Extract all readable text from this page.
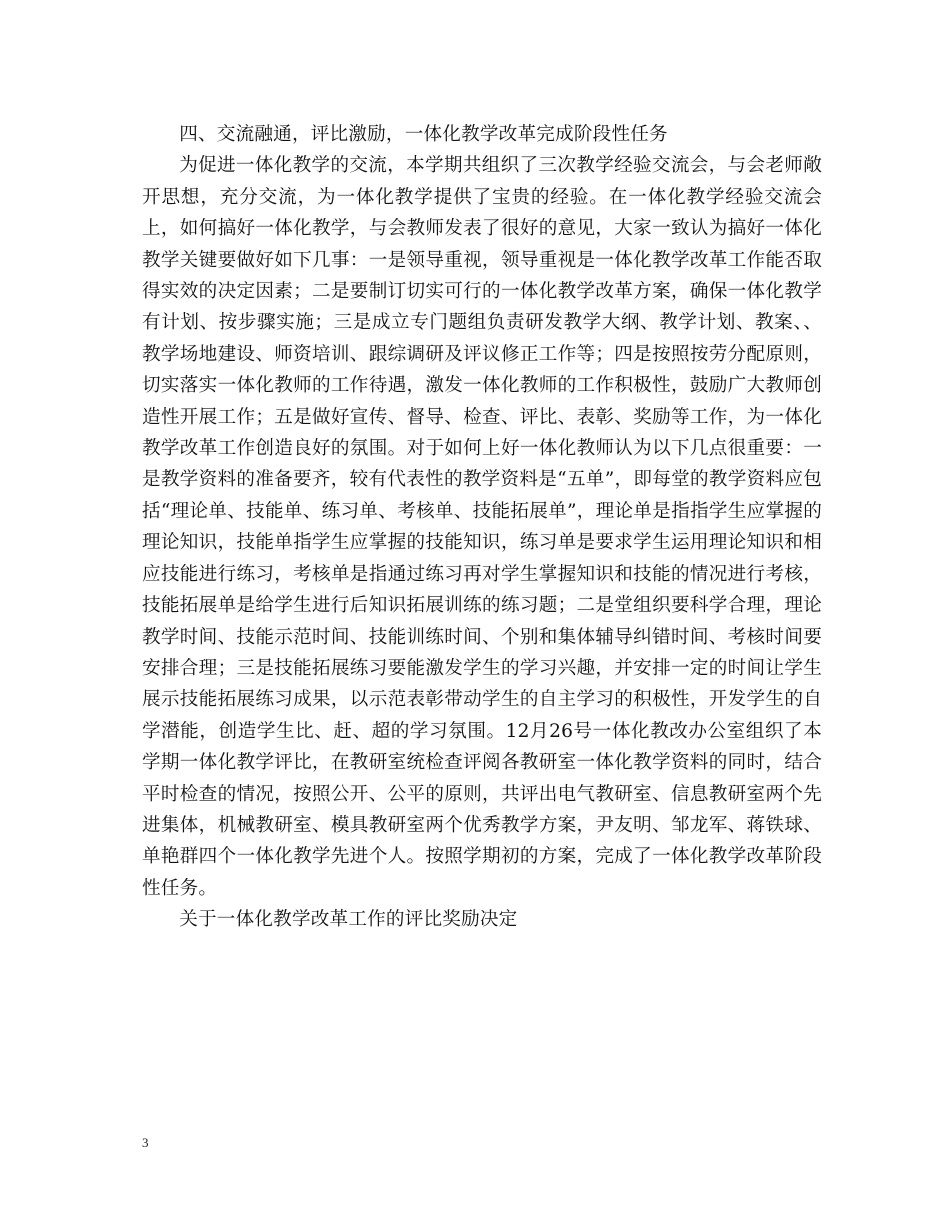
四、交流融通，评比激励，一体化教学改革完成阶段性任务

为促进一体化教学的交流，本学期共组织了三次教学经验交流会，与会老师敞开思想，充分交流，为一体化教学提供了宝贵的经验。在一体化教学经验交流会上，如何搞好一体化教学，与会教师发表了很好的意见，大家一致认为搞好一体化教学关键要做好如下几事：一是领导重视，领导重视是一体化教学改革工作能否取得实效的决定因素；二是要制订切实可行的一体化教学改革方案，确保一体化教学有计划、按步骤实施；三是成立专门题组负责研发教学大纲、教学计划、教案、、教学场地建设、师资培训、跟综调研及评议修正工作等；四是按照按劳分配原则，切实落实一体化教师的工作待遇，激发一体化教师的工作积极性，鼓励广大教师创造性开展工作；五是做好宣传、督导、检查、评比、表彰、奖励等工作，为一体化教学改革工作创造良好的氛围。对于如何上好一体化教师认为以下几点很重要：一是教学资料的准备要齐，较有代表性的教学资料是“五单”，即每堂的教学资料应包括“理论单、技能单、练习单、考核单、技能拓展单”，理论单是指指学生应掌握的理论知识，技能单指学生应掌握的技能知识，练习单是要求学生运用理论知识和相应技能进行练习，考核单是指通过练习再对学生掌握知识和技能的情况进行考核，技能拓展单是给学生进行后知识拓展训练的练习题；二是堂组织要科学合理，理论教学时间、技能示范时间、技能训练时间、个别和集体辅导纠错时间、考核时间要安排合理；三是技能拓展练习要能激发学生的学习兴趣，并安排一定的时间让学生展示技能拓展练习成果，以示范表彰带动学生的自主学习的积极性，开发学生的自学潜能，创造学生比、赶、超的学习氛围。12月26号一体化教改办公室组织了本学期一体化教学评比，在教研室统检查评阅各教研室一体化教学资料的同时，结合平时检查的情况，按照公开、公平的原则，共评出电气教研室、信息教研室两个先进集体，机械教研室、模具教研室两个优秀教学方案，尹友明、邹龙军、蒋铁球、单艳群四个一体化教学先进个人。按照学期初的方案，完成了一体化教学改革阶段性任务。

关于一体化教学改革工作的评比奖励决定

3
